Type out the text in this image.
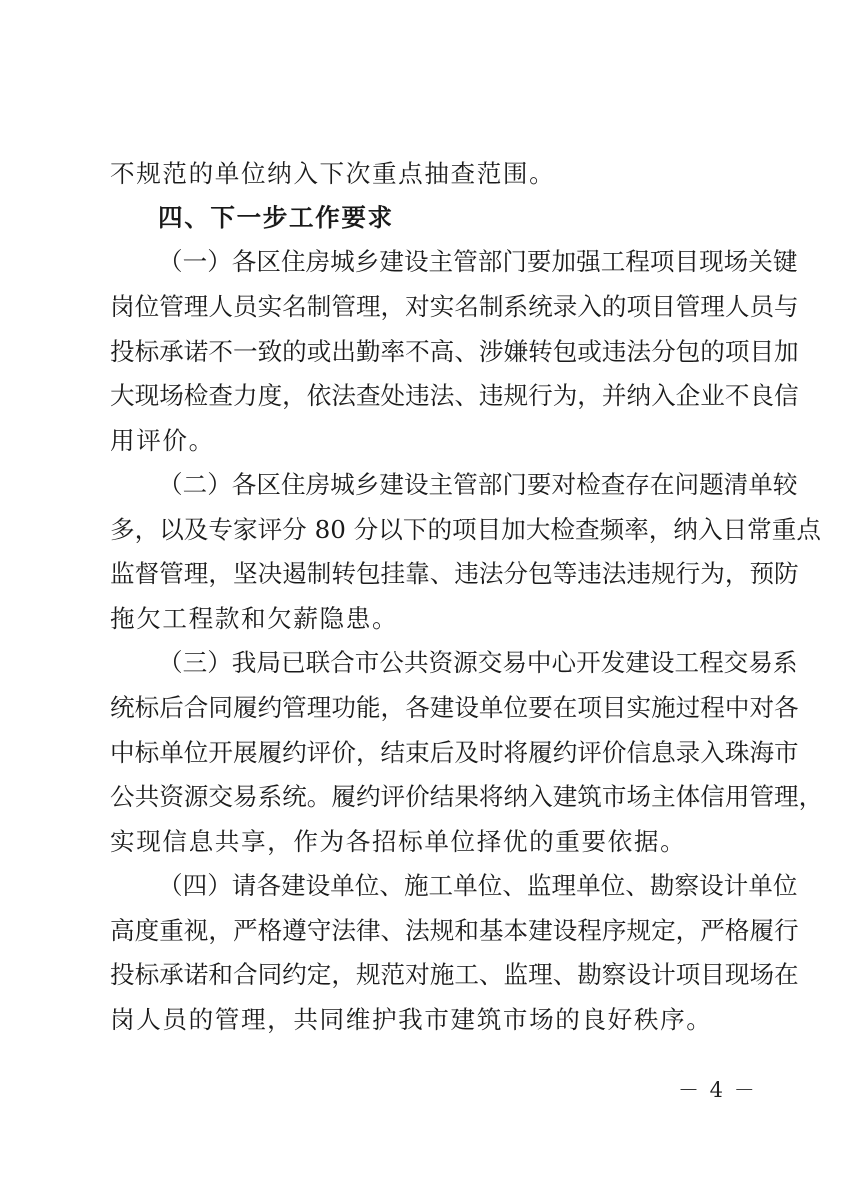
不规范的单位纳入下次重点抽查范围。
四、下一步工作要求
（一）各区住房城乡建设主管部门要加强工程项目现场关键
岗位管理人员实名制管理，对实名制系统录入的项目管理人员与
投标承诺不一致的或出勤率不高、涉嫌转包或违法分包的项目加
大现场检查力度，依法查处违法、违规行为，并纳入企业不良信
用评价。
（二）各区住房城乡建设主管部门要对检查存在问题清单较
多，以及专家评分 80 分以下的项目加大检查频率，纳入日常重点
监督管理，坚决遏制转包挂靠、违法分包等违法违规行为，预防
拖欠工程款和欠薪隐患。
（三）我局已联合市公共资源交易中心开发建设工程交易系
统标后合同履约管理功能，各建设单位要在项目实施过程中对各
中标单位开展履约评价，结束后及时将履约评价信息录入珠海市
公共资源交易系统。履约评价结果将纳入建筑市场主体信用管理，
实现信息共享，作为各招标单位择优的重要依据。
（四）请各建设单位、施工单位、监理单位、勘察设计单位
高度重视，严格遵守法律、法规和基本建设程序规定，严格履行
投标承诺和合同约定，规范对施工、监理、勘察设计项目现场在
岗人员的管理，共同维护我市建筑市场的良好秩序。
－ 4 －
